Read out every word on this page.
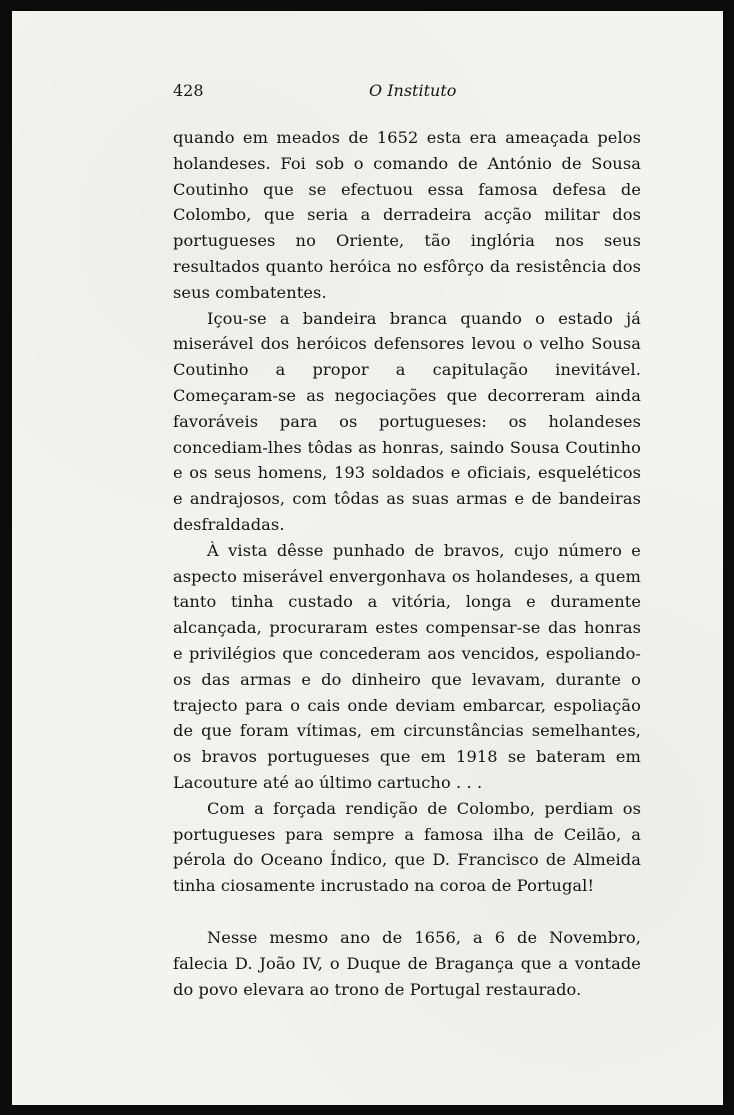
428	O Instituto

quando em meados de 1652 esta era ameaçada pelos holandeses. Foi sob o comando de António de Sousa Coutinho que se efectuou essa famosa defesa de Colombo, que seria a derradeira acção militar dos portugueses no Oriente, tão inglória nos seus resultados quanto heróica no esfôrço da resistência dos seus combatentes.

Içou-se a bandeira branca quando o estado já miserável dos heróicos defensores levou o velho Sousa Coutinho a propor a capitulação inevitável. Começaram-se as negociações que decorreram ainda favoráveis para os portugueses: os holandeses concediam-lhes tôdas as honras, saindo Sousa Coutinho e os seus homens, 193 soldados e oficiais, esqueléticos e andrajosos, com tôdas as suas armas e de bandeiras desfraldadas.

À vista dêsse punhado de bravos, cujo número e aspecto miserável envergonhava os holandeses, a quem tanto tinha custado a vitória, longa e duramente alcançada, procuraram estes compensar-se das honras e privilégios que concederam aos vencidos, espoliando-os das armas e do dinheiro que levavam, durante o trajecto para o cais onde deviam embarcar, espoliação de que foram vítimas, em circunstâncias semelhantes, os bravos portugueses que em 1918 se bateram em Lacouture até ao último cartucho . . .

Com a forçada rendição de Colombo, perdiam os portugueses para sempre a famosa ilha de Ceilão, a pérola do Oceano Índico, que D. Francisco de Almeida tinha ciosamente incrustado na coroa de Portugal!

Nesse mesmo ano de 1656, a 6 de Novembro, falecia D. João IV, o Duque de Bragança que a vontade do povo elevara ao trono de Portugal restaurado.
